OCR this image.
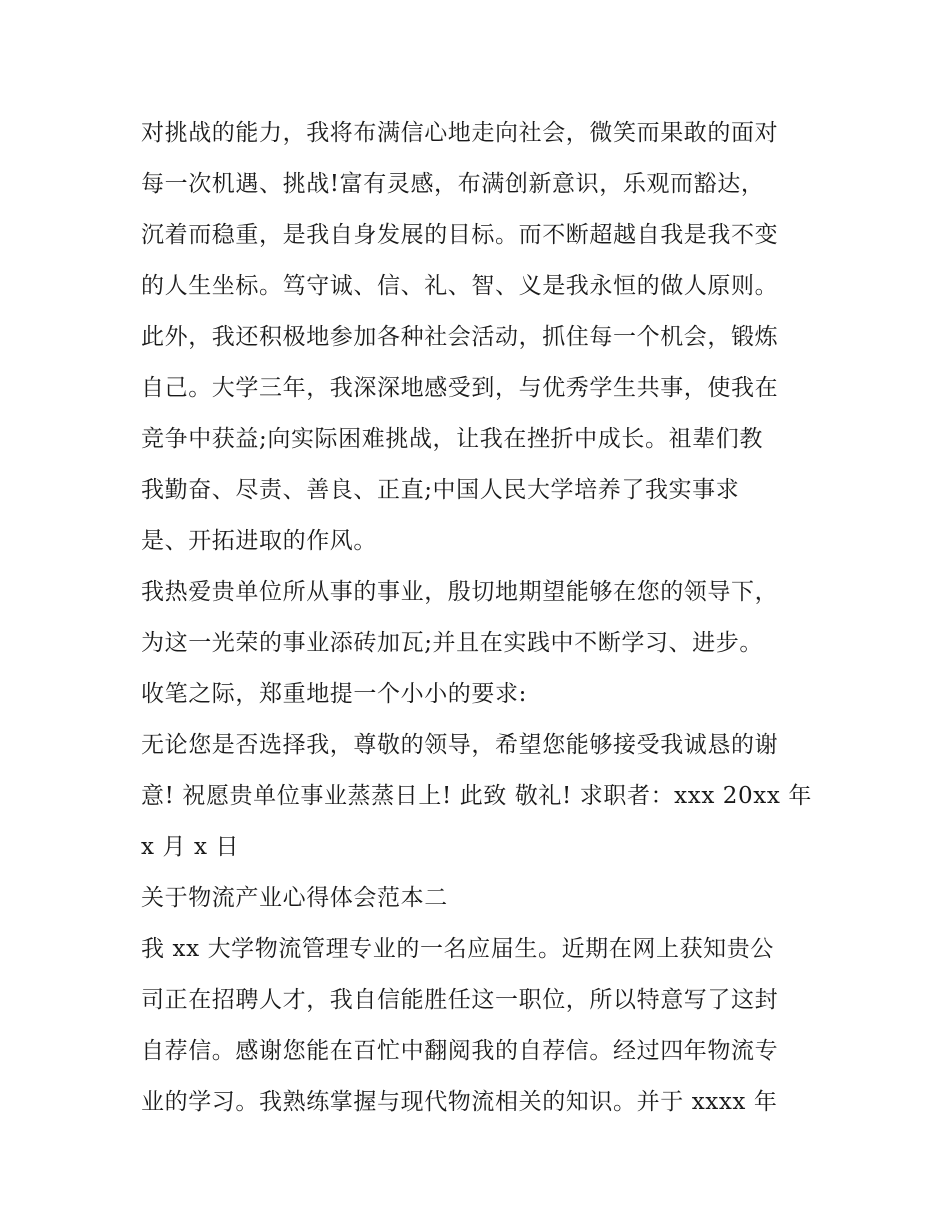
对挑战的能力，我将布满信心地走向社会，微笑而果敢的面对
每一次机遇、挑战!富有灵感，布满创新意识，乐观而豁达，
沉着而稳重，是我自身发展的目标。而不断超越自我是我不变
的人生坐标。笃守诚、信、礼、智、义是我永恒的做人原则。
此外，我还积极地参加各种社会活动，抓住每一个机会，锻炼
自己。大学三年，我深深地感受到，与优秀学生共事，使我在
竞争中获益;向实际困难挑战，让我在挫折中成长。祖辈们教
我勤奋、尽责、善良、正直;中国人民大学培养了我实事求
是、开拓进取的作风。
我热爱贵单位所从事的事业，殷切地期望能够在您的领导下，
为这一光荣的事业添砖加瓦;并且在实践中不断学习、进步。
收笔之际，郑重地提一个小小的要求:
无论您是否选择我，尊敬的领导，希望您能够接受我诚恳的谢
意! 祝愿贵单位事业蒸蒸日上! 此致 敬礼! 求职者：xxx 20xx 年
x 月 x 日
关于物流产业心得体会范本二
我 xx 大学物流管理专业的一名应届生。近期在网上获知贵公
司正在招聘人才，我自信能胜任这一职位，所以特意写了这封
自荐信。感谢您能在百忙中翻阅我的自荐信。经过四年物流专
业的学习。我熟练掌握与现代物流相关的知识。并于 xxxx 年
